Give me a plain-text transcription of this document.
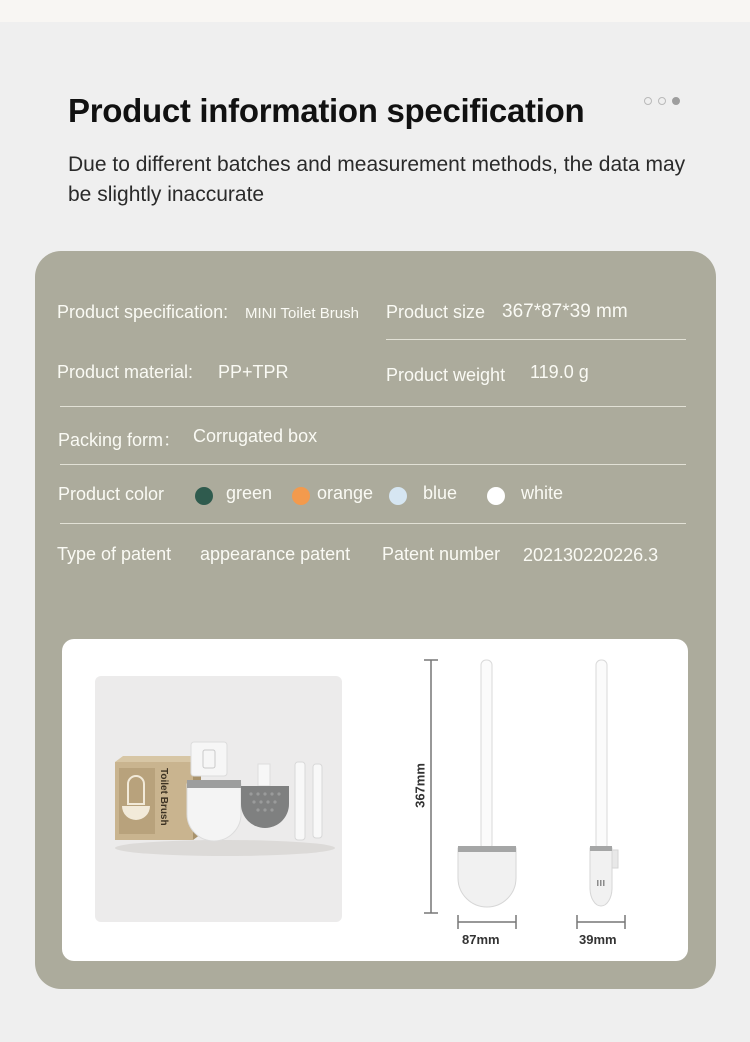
Product information specification

Due to different batches and measurement methods, the data may be slightly inaccurate

Product specification: MINI Toilet Brush Product size 367*87*39 mm
Product material: PP+TPR	Product weight 119.0 g
Packing form： Corrugated box
Product color	green orange	blue	white
Type of patent appearance patent Patent number 202130220226.3
Toilet Brush	367mm
87mm	39mm
